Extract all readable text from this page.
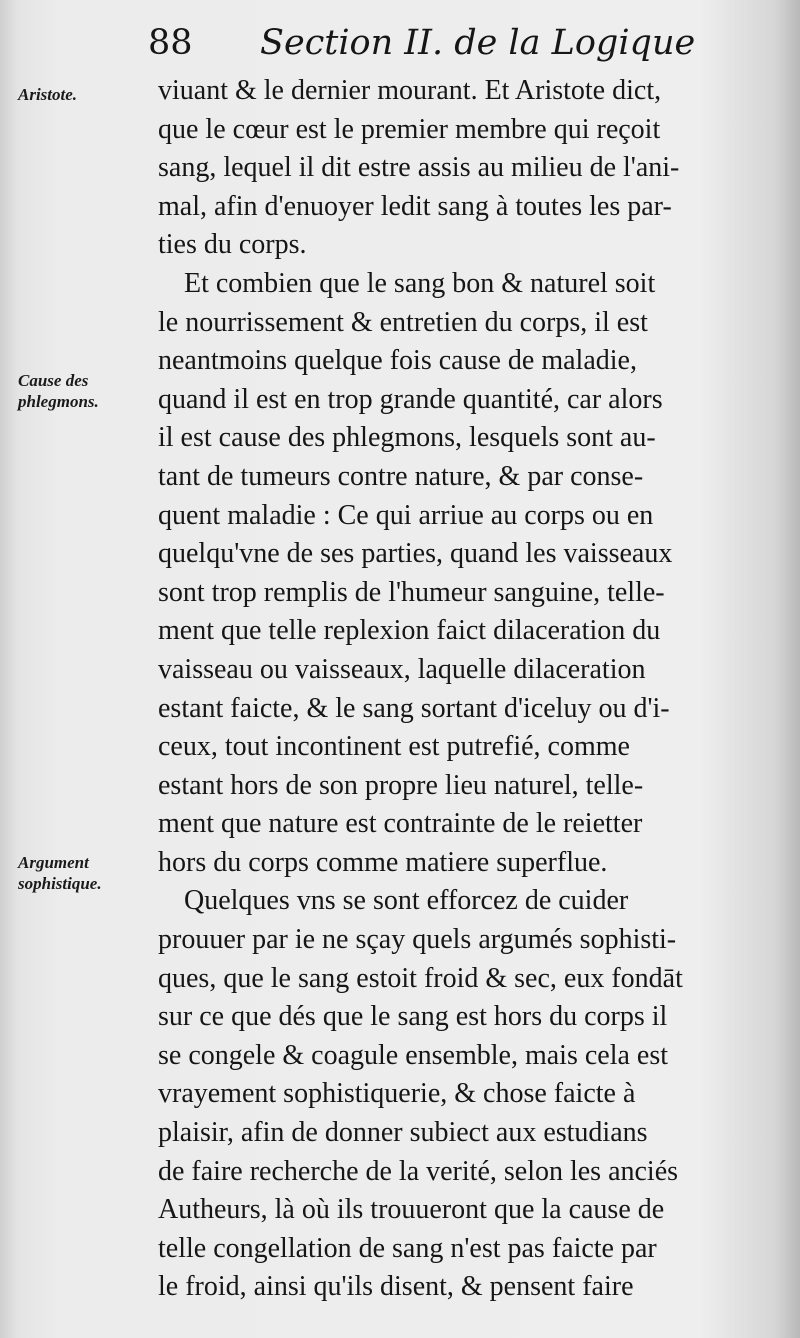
88 Section II. de la Logique
Aristote.
Cause des
phlegmons.
Argument
sophistique.
viuant & le dernier mourant. Et Aristote dict,
que le cœur est le premier membre qui reçoit
sang, lequel il dit estre assis au milieu de l'ani-
mal, afin d'enuoyer ledit sang à toutes les par-
ties du corps.
Et combien que le sang bon & naturel soit
le nourrissement & entretien du corps, il est
neantmoins quelque fois cause de maladie,
quand il est en trop grande quantité, car alors
il est cause des phlegmons, lesquels sont au-
tant de tumeurs contre nature, & par conse-
quent maladie : Ce qui arriue au corps ou en
quelqu'vne de ses parties, quand les vaisseaux
sont trop remplis de l'humeur sanguine, telle-
ment que telle replexion faict dilaceration du
vaisseau ou vaisseaux, laquelle dilaceration
estant faicte, & le sang sortant d'iceluy ou d'i-
ceux, tout incontinent est putrefié, comme
estant hors de son propre lieu naturel, telle-
ment que nature est contrainte de le reietter
hors du corps comme matiere superflue.
Quelques vns se sont efforcez de cuider
prouuer par ie ne sçay quels argumés sophisti-
ques, que le sang estoit froid & sec, eux fondāt
sur ce que dés que le sang est hors du corps il
se congele & coagule ensemble, mais cela est
vrayement sophistiquerie, & chose faicte à
plaisir, afin de donner subiect aux estudians
de faire recherche de la verité, selon les anciés
Autheurs, là où ils trouueront que la cause de
telle congellation de sang n'est pas faicte par
le froid, ainsi qu'ils disent, & pensent faire
